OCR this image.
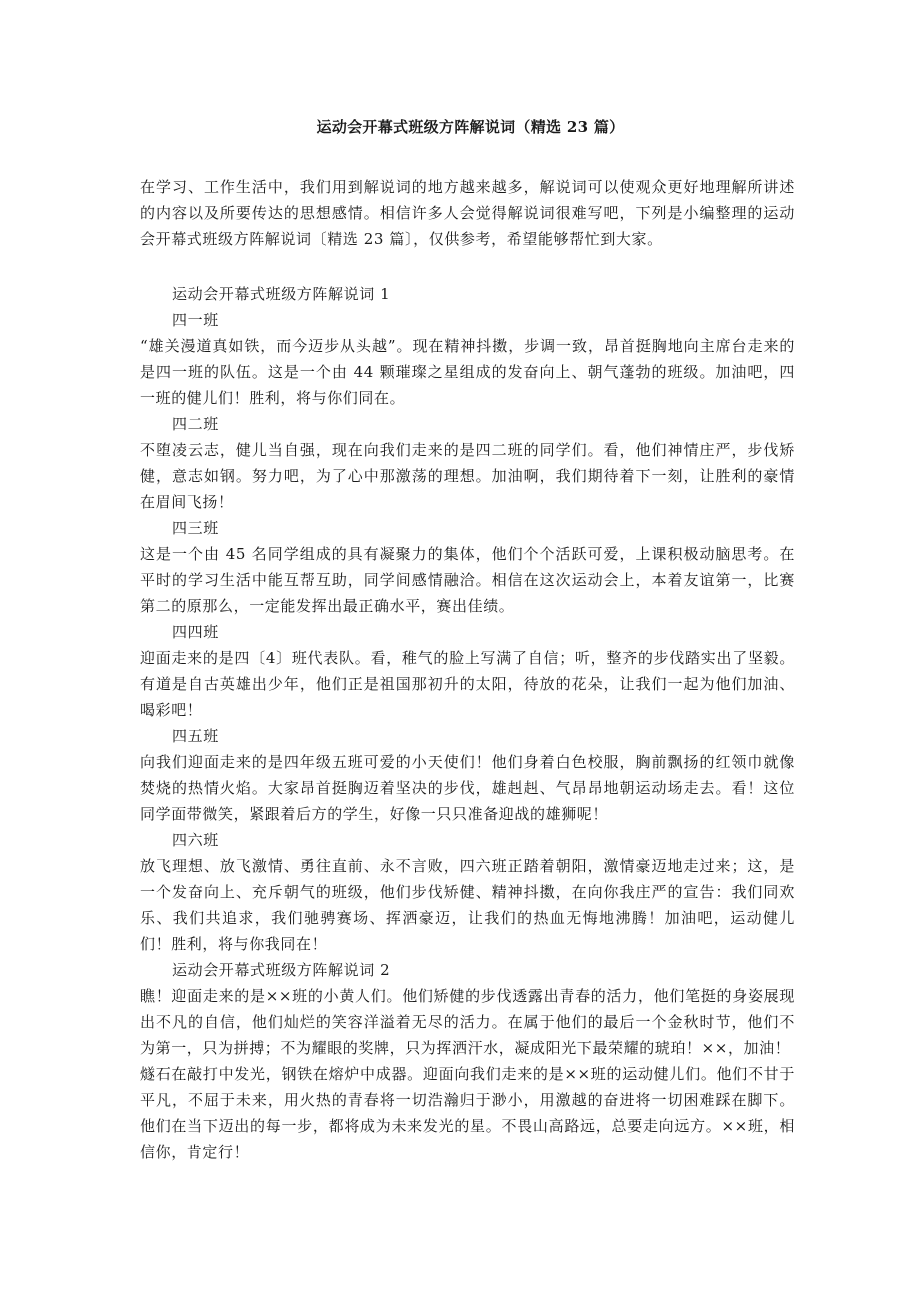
运动会开幕式班级方阵解说词（精选 23 篇）

在学习、工作生活中，我们用到解说词的地方越来越多，解说词可以使观众更好地理解所讲述的内容以及所要传达的思想感情。相信许多人会觉得解说词很难写吧，下列是小编整理的运动会开幕式班级方阵解说词〔精选 23 篇〕，仅供参考，希望能够帮忙到大家。

运动会开幕式班级方阵解说词 1
四一班

“雄关漫道真如铁，而今迈步从头越”。现在精神抖擞，步调一致，昂首挺胸地向主席台走来的是四一班的队伍。这是一个由 44 颗璀璨之星组成的发奋向上、朝气蓬勃的班级。加油吧，四一班的健儿们！胜利，将与你们同在。

四二班

不堕凌云志，健儿当自强，现在向我们走来的是四二班的同学们。看，他们神情庄严，步伐矫健，意志如钢。努力吧，为了心中那激荡的理想。加油啊，我们期待着下一刻，让胜利的豪情在眉间飞扬！

四三班

这是一个由 45 名同学组成的具有凝聚力的集体，他们个个活跃可爱，上课积极动脑思考。在平时的学习生活中能互帮互助，同学间感情融洽。相信在这次运动会上，本着友谊第一，比赛第二的原那么，一定能发挥出最正确水平，赛出佳绩。

四四班

迎面走来的是四〔4〕班代表队。看，稚气的脸上写满了自信；听，整齐的步伐踏实出了坚毅。有道是自古英雄出少年，他们正是祖国那初升的太阳，待放的花朵，让我们一起为他们加油、喝彩吧！

四五班

向我们迎面走来的是四年级五班可爱的小天使们！他们身着白色校服，胸前飘扬的红领巾就像焚烧的热情火焰。大家昂首挺胸迈着坚决的步伐，雄赳赳、气昂昂地朝运动场走去。看！这位同学面带微笑，紧跟着后方的学生，好像一只只准备迎战的雄狮呢！

四六班

放飞理想、放飞激情、勇往直前、永不言败，四六班正踏着朝阳，激情豪迈地走过来；这，是一个发奋向上、充斥朝气的班级，他们步伐矫健、精神抖擞，在向你我庄严的宣告：我们同欢乐、我们共追求，我们驰骋赛场、挥洒豪迈，让我们的热血无悔地沸腾！加油吧，运动健儿们！胜利，将与你我同在！

运动会开幕式班级方阵解说词 2

瞧！迎面走来的是××班的小黄人们。他们矫健的步伐透露出青春的活力，他们笔挺的身姿展现出不凡的自信，他们灿烂的笑容洋溢着无尽的活力。在属于他们的最后一个金秋时节，他们不为第一，只为拼搏；不为耀眼的奖牌，只为挥洒汗水，凝成阳光下最荣耀的琥珀！××，加油！

燧石在敲打中发光，钢铁在熔炉中成器。迎面向我们走来的是××班的运动健儿们。他们不甘于平凡，不屈于未来，用火热的青春将一切浩瀚归于渺小，用激越的奋进将一切困难踩在脚下。他们在当下迈出的每一步，都将成为未来发光的星。不畏山高路远，总要走向远方。××班，相信你，肯定行！
